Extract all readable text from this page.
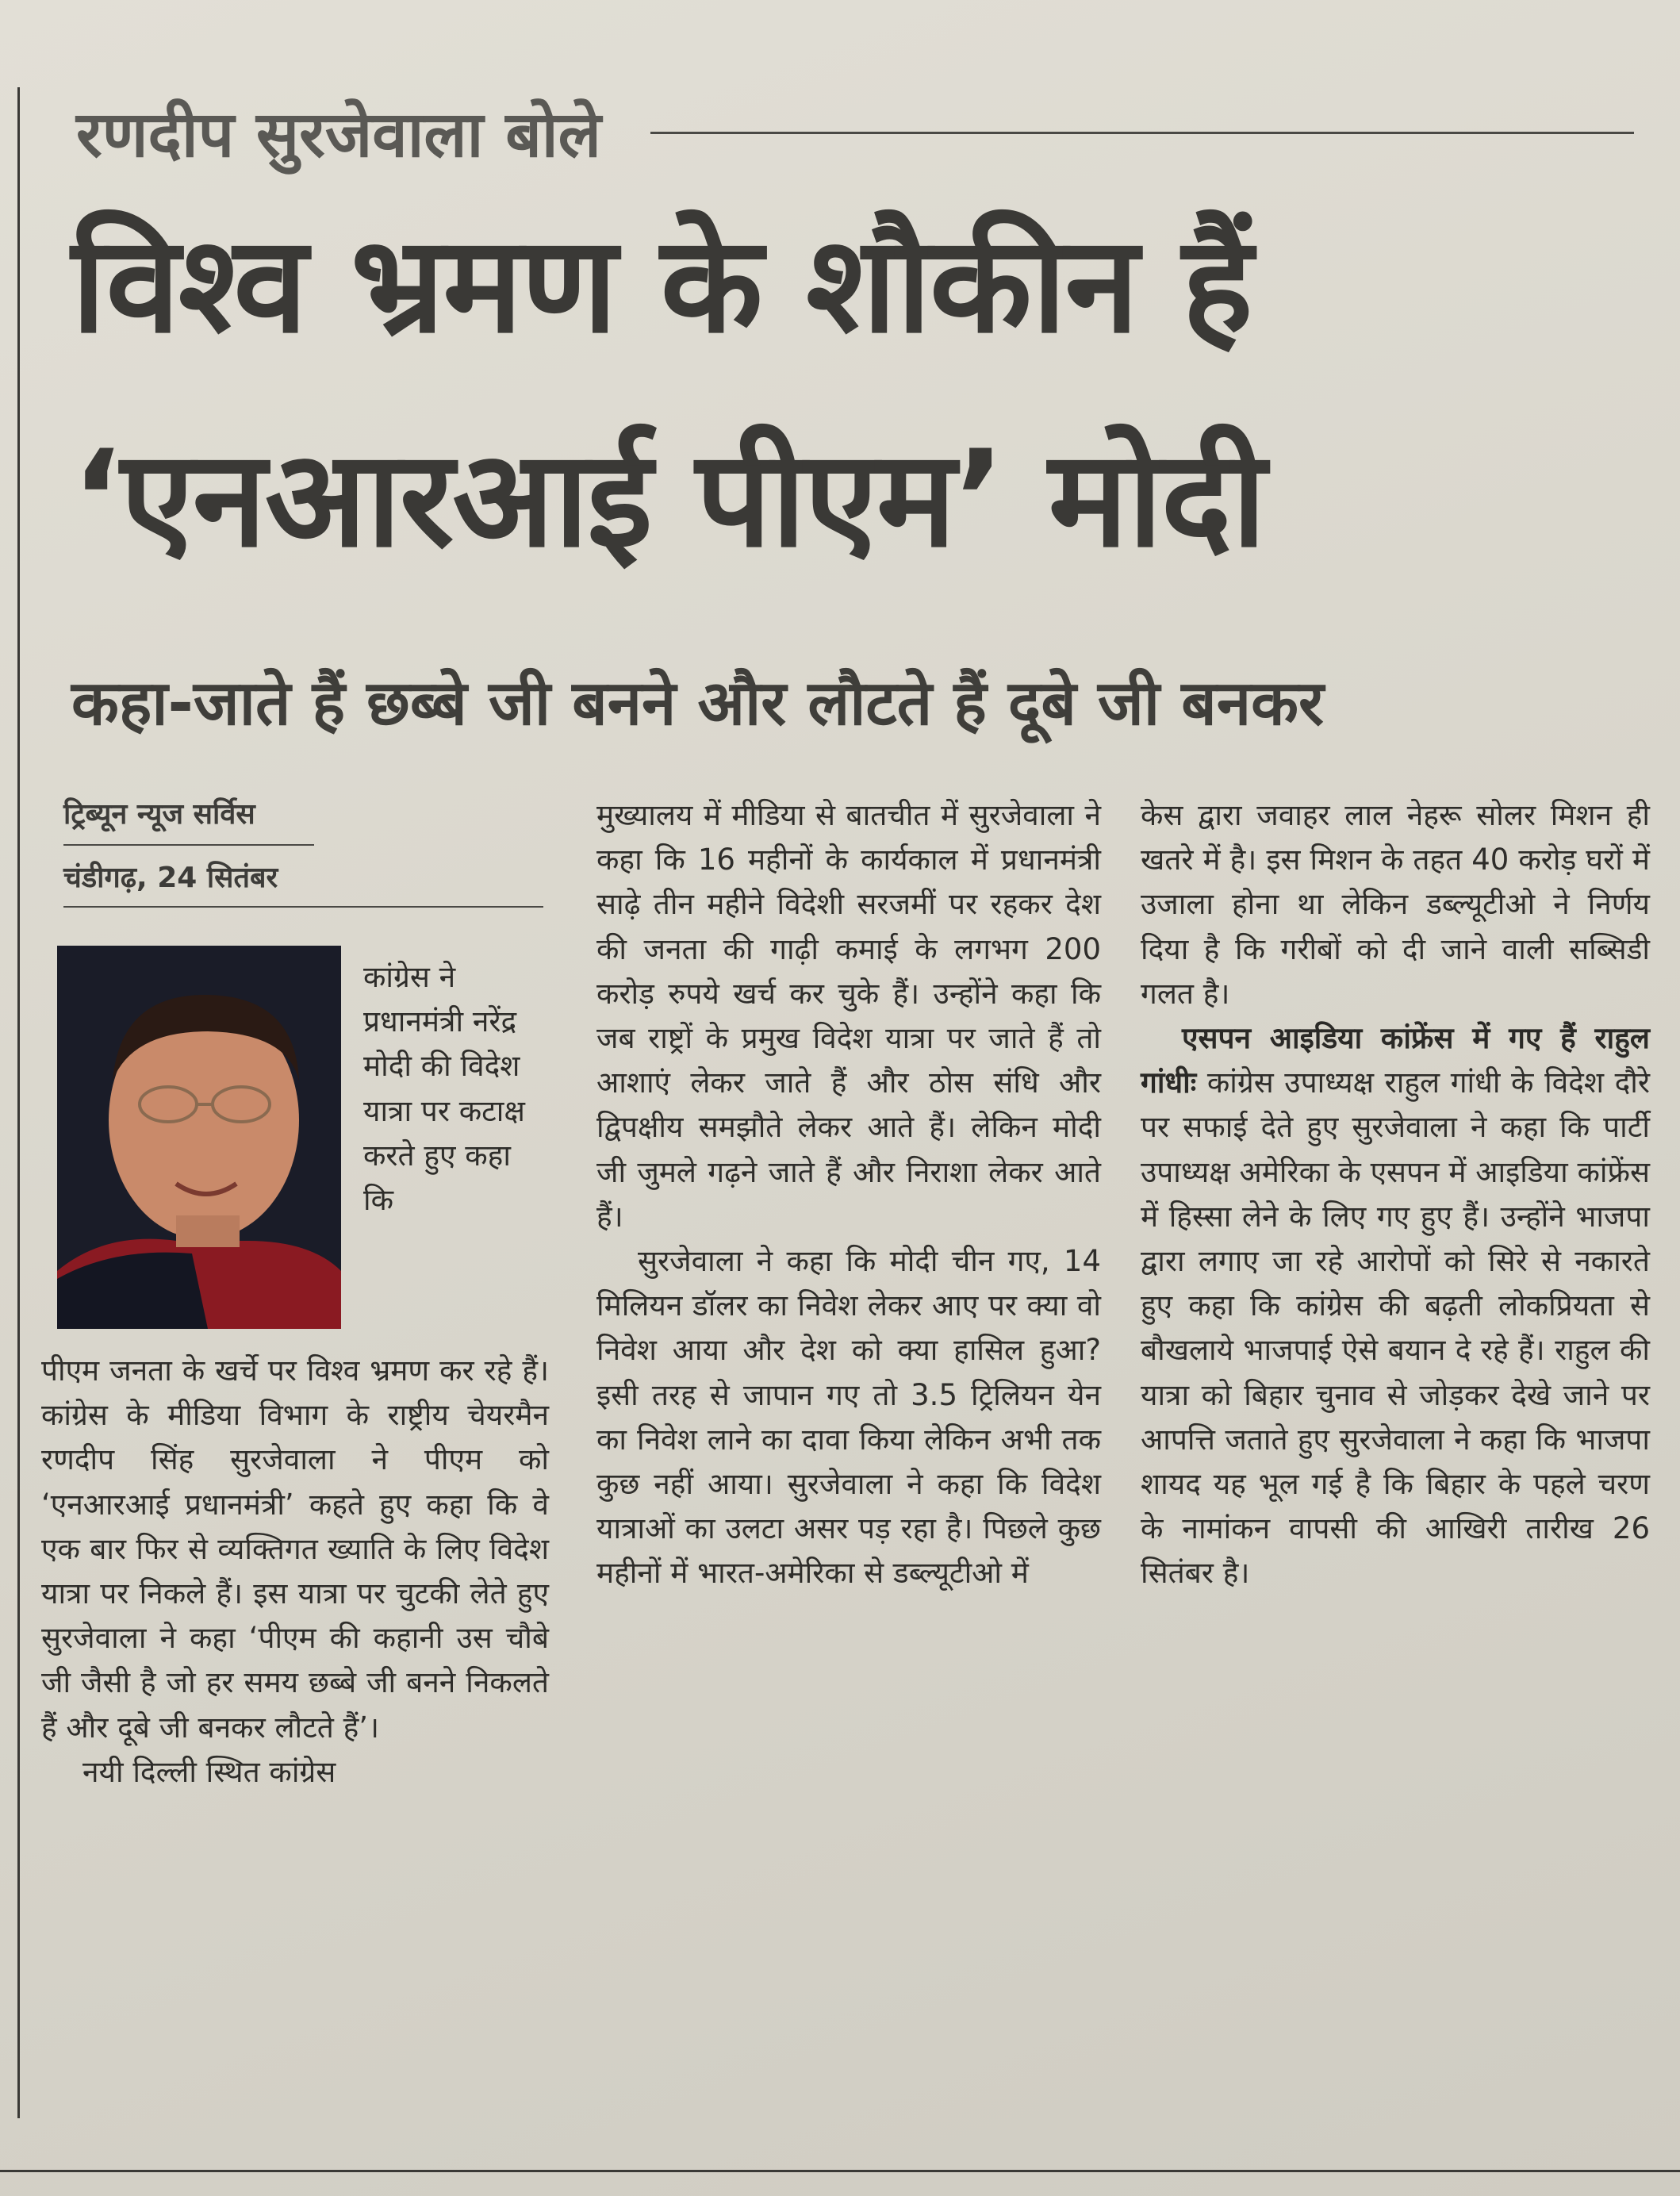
रणदीप सुरजेवाला बोले
विश्व भ्रमण के शौकीन हैं
‘एनआरआई पीएम’ मोदी
कहा-जाते हैं छब्बे जी बनने और लौटते हैं दूबे जी बनकर
ट्रिब्यून न्यूज सर्विस
चंडीगढ़, 24 सितंबर

कांग्रेस ने प्रधानमंत्री नरेंद्र मोदी की विदेश यात्रा पर कटाक्ष करते हुए कहा कि

पीएम जनता के खर्चे पर विश्व भ्रमण कर रहे हैं। कांग्रेस के मीडिया विभाग के राष्ट्रीय चेयरमैन रणदीप सिंह सुरजेवाला ने पीएम को ‘एनआरआई प्रधानमंत्री’ कहते हुए कहा कि वे एक बार फिर से व्यक्तिगत ख्याति के लिए विदेश यात्रा पर निकले हैं। इस यात्रा पर चुटकी लेते हुए सुरजेवाला ने कहा ‘पीएम की कहानी उस चौबे जी जैसी है जो हर समय छब्बे जी बनने निकलते हैं और दूबे जी बनकर लौटते हैं’।

नयी दिल्ली स्थित कांग्रेस

मुख्यालय में मीडिया से बातचीत में सुरजेवाला ने कहा कि 16 महीनों के कार्यकाल में प्रधानमंत्री साढ़े तीन महीने विदेशी सरजमीं पर रहकर देश की जनता की गाढ़ी कमाई के लगभग 200 करोड़ रुपये खर्च कर चुके हैं। उन्होंने कहा कि जब राष्ट्रों के प्रमुख विदेश यात्रा पर जाते हैं तो आशाएं लेकर जाते हैं और ठोस संधि और द्विपक्षीय समझौते लेकर आते हैं। लेकिन मोदी जी जुमले गढ़ने जाते हैं और निराशा लेकर आते हैं।

सुरजेवाला ने कहा कि मोदी चीन गए, 14 मिलियन डॉलर का निवेश लेकर आए पर क्या वो निवेश आया और देश को क्या हासिल हुआ? इसी तरह से जापान गए तो 3.5 ट्रिलियन येन का निवेश लाने का दावा किया लेकिन अभी तक कुछ नहीं आया। सुरजेवाला ने कहा कि विदेश यात्राओं का उलटा असर पड़ रहा है। पिछले कुछ महीनों में भारत-अमेरिका से डब्ल्यूटीओ में

केस द्वारा जवाहर लाल नेहरू सोलर मिशन ही खतरे में है। इस मिशन के तहत 40 करोड़ घरों में उजाला होना था लेकिन डब्ल्यूटीओ ने निर्णय दिया है कि गरीबों को दी जाने वाली सब्सिडी गलत है।

एसपन आइडिया कांफ्रेंस में गए हैं राहुल गांधीः कांग्रेस उपाध्यक्ष राहुल गांधी के विदेश दौरे पर सफाई देते हुए सुरजेवाला ने कहा कि पार्टी उपाध्यक्ष अमेरिका के एसपन में आइडिया कांफ्रेंस में हिस्सा लेने के लिए गए हुए हैं। उन्होंने भाजपा द्वारा लगाए जा रहे आरोपों को सिरे से नकारते हुए कहा कि कांग्रेस की बढ़ती लोकप्रियता से बौखलाये भाजपाई ऐसे बयान दे रहे हैं। राहुल की यात्रा को बिहार चुनाव से जोड़कर देखे जाने पर आपत्ति जताते हुए सुरजेवाला ने कहा कि भाजपा शायद यह भूल गई है कि बिहार के पहले चरण के नामांकन वापसी की आखिरी तारीख 26 सितंबर है।
